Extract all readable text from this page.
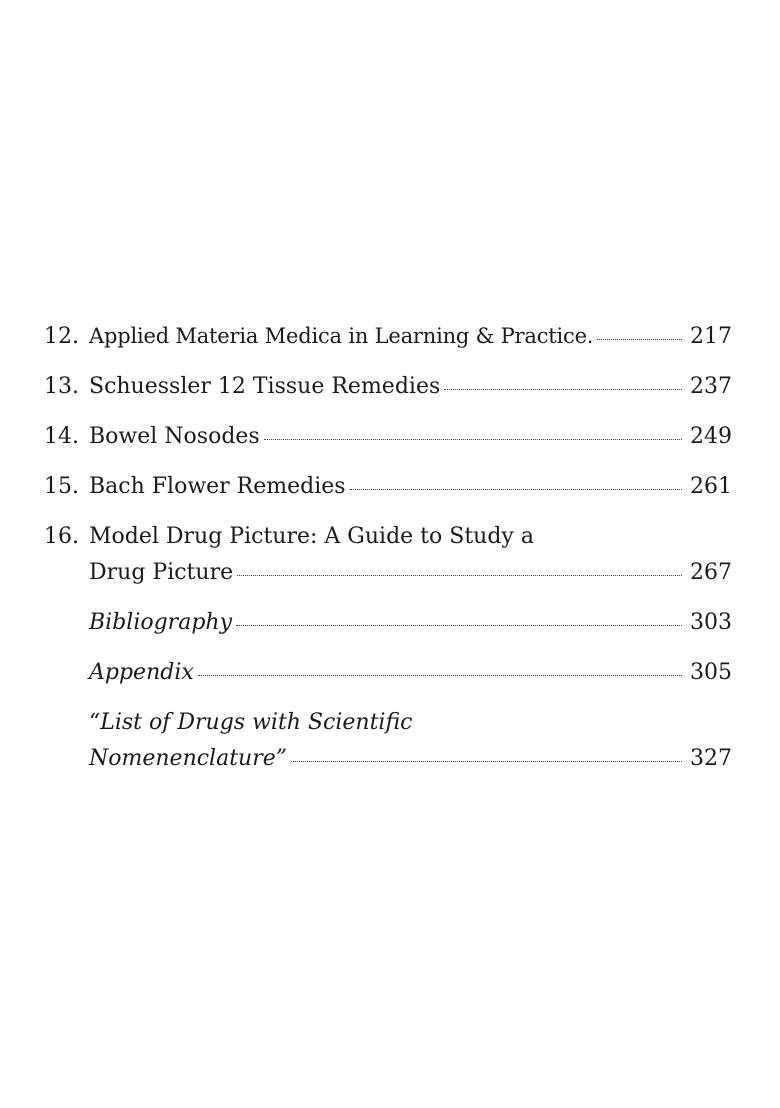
12. Applied Materia Medica in Learning & Practice.	217
13. Schuessler 12 Tissue Remedies	237
14. Bowel Nosodes	249
15. Bach Flower Remedies	261
16. Model Drug Picture: A Guide to Study a
Drug Picture	267
Bibliography	303
Appendix	305
“List of Drugs with Scientific
Nomenenclature”	327
